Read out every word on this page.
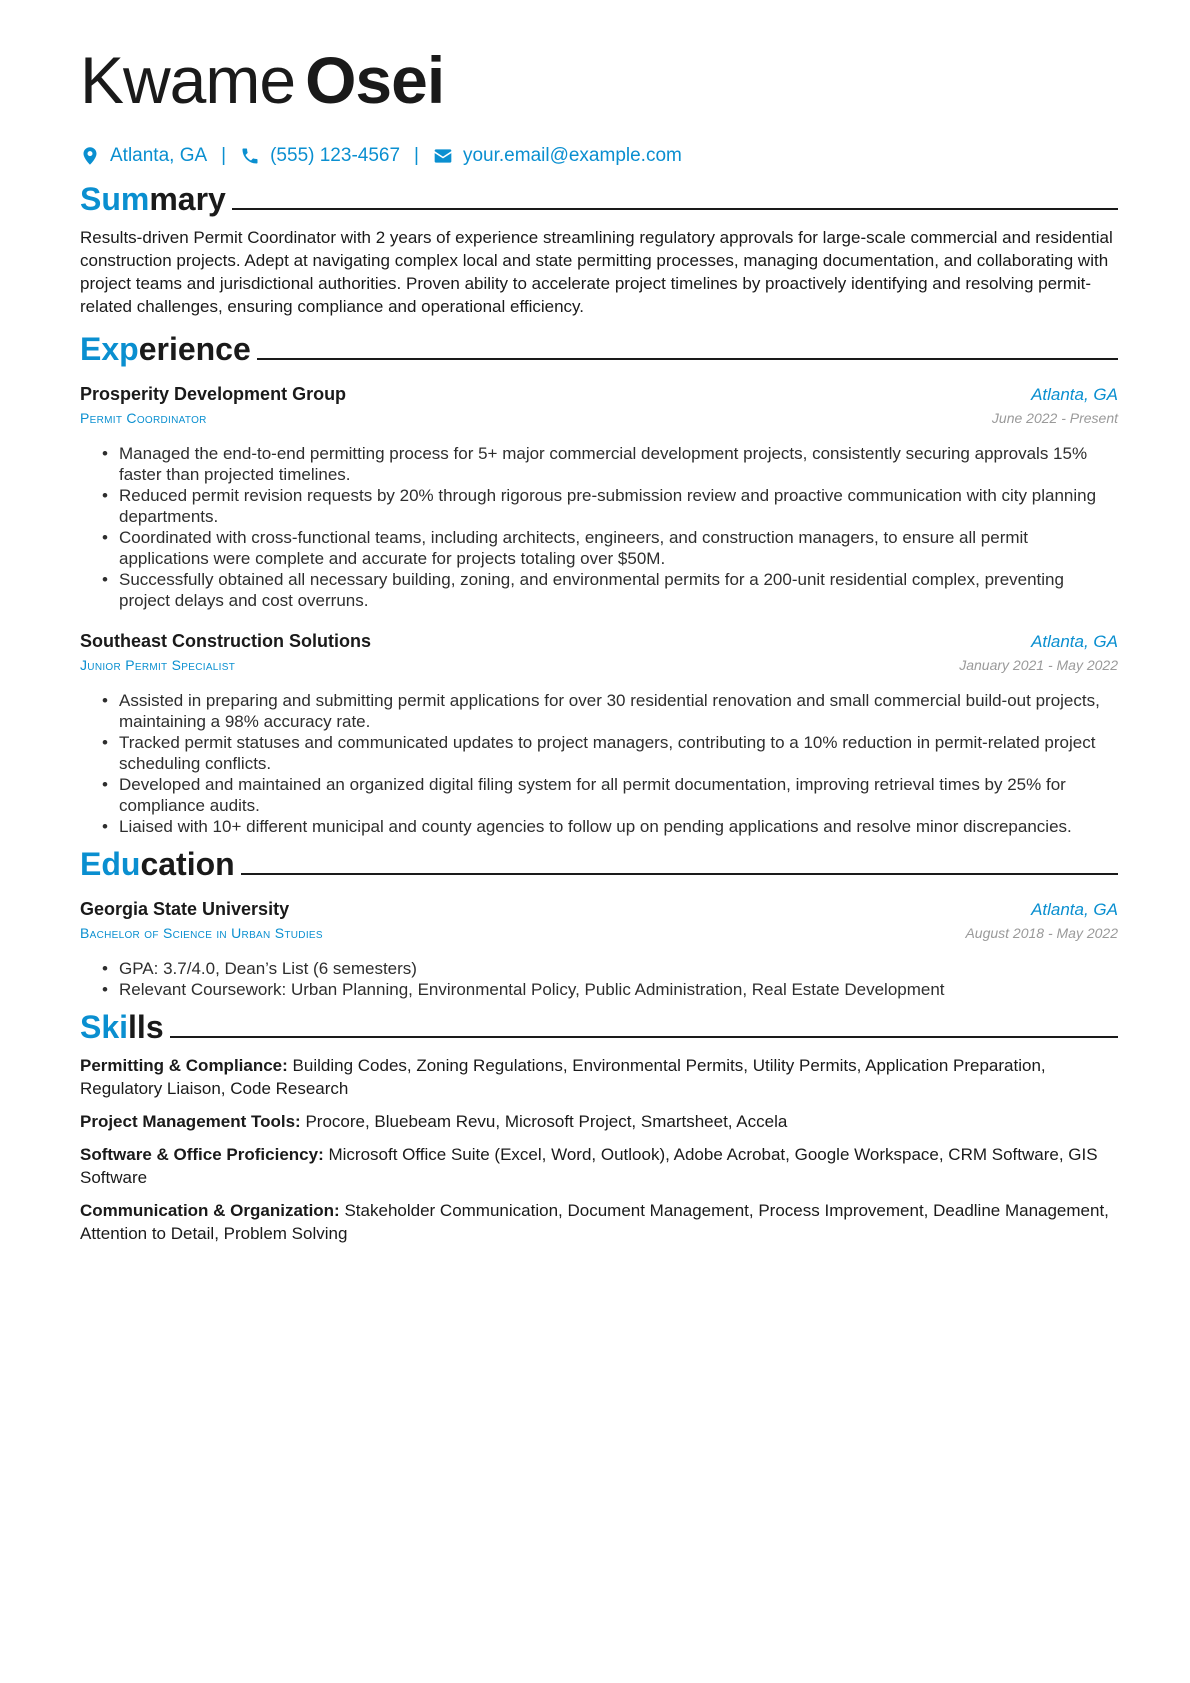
Kwame Osei
Atlanta, GA | (555) 123-4567 | your.email@example.com
Summary
Results-driven Permit Coordinator with 2 years of experience streamlining regulatory approvals for large-scale commercial and residential construction projects. Adept at navigating complex local and state permitting processes, managing documentation, and collaborating with project teams and jurisdictional authorities. Proven ability to accelerate project timelines by proactively identifying and resolving permit-related challenges, ensuring compliance and operational efficiency.
Experience
Prosperity Development Group	Atlanta, GA
Permit Coordinator	June 2022 - Present
• Managed the end-to-end permitting process for 5+ major commercial development projects, consistently securing approvals 15% faster than projected timelines.
• Reduced permit revision requests by 20% through rigorous pre-submission review and proactive communication with city planning departments.
• Coordinated with cross-functional teams, including architects, engineers, and construction managers, to ensure all permit applications were complete and accurate for projects totaling over $50M.
• Successfully obtained all necessary building, zoning, and environmental permits for a 200-unit residential complex, preventing project delays and cost overruns.
Southeast Construction Solutions	Atlanta, GA
Junior Permit Specialist	January 2021 - May 2022
• Assisted in preparing and submitting permit applications for over 30 residential renovation and small commercial build-out projects, maintaining a 98% accuracy rate.
• Tracked permit statuses and communicated updates to project managers, contributing to a 10% reduction in permit-related project scheduling conflicts.
• Developed and maintained an organized digital filing system for all permit documentation, improving retrieval times by 25% for compliance audits.
• Liaised with 10+ different municipal and county agencies to follow up on pending applications and resolve minor discrepancies.
Education
Georgia State University	Atlanta, GA
Bachelor of Science in Urban Studies	August 2018 - May 2022
• GPA: 3.7/4.0, Dean’s List (6 semesters)
• Relevant Coursework: Urban Planning, Environmental Policy, Public Administration, Real Estate Development
Skills
Permitting & Compliance: Building Codes, Zoning Regulations, Environmental Permits, Utility Permits, Application Preparation, Regulatory Liaison, Code Research
Project Management Tools: Procore, Bluebeam Revu, Microsoft Project, Smartsheet, Accela
Software & Office Proficiency: Microsoft Office Suite (Excel, Word, Outlook), Adobe Acrobat, Google Workspace, CRM Software, GIS Software
Communication & Organization: Stakeholder Communication, Document Management, Process Improvement, Deadline Management, Attention to Detail, Problem Solving
